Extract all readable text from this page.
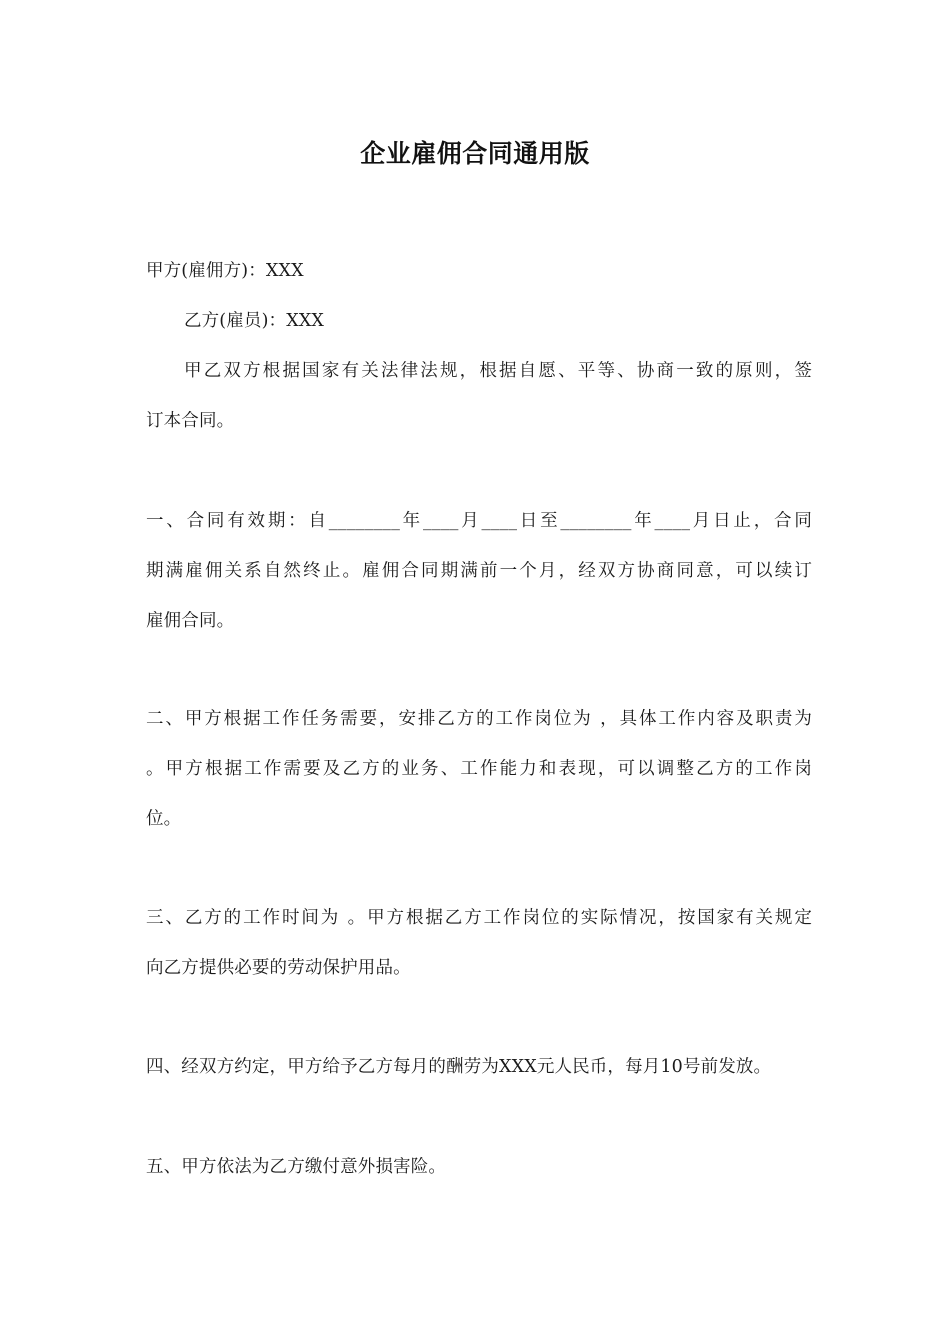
企业雇佣合同通用版
甲方(雇佣方)：XXX
乙方(雇员)：XXX
甲乙双方根据国家有关法律法规，根据自愿、平等、协商一致的原则，签
订本合同。
一、合同有效期：自________年____月____日至________年____月日止，合同
期满雇佣关系自然终止。雇佣合同期满前一个月，经双方协商同意，可以续订
雇佣合同。
二、甲方根据工作任务需要，安排乙方的工作岗位为 ，具体工作内容及职责为
。甲方根据工作需要及乙方的业务、工作能力和表现，可以调整乙方的工作岗
位。
三、乙方的工作时间为 。甲方根据乙方工作岗位的实际情况，按国家有关规定
向乙方提供必要的劳动保护用品。
四、经双方约定，甲方给予乙方每月的酬劳为XXX元人民币，每月10号前发放。
五、甲方依法为乙方缴付意外损害险。
